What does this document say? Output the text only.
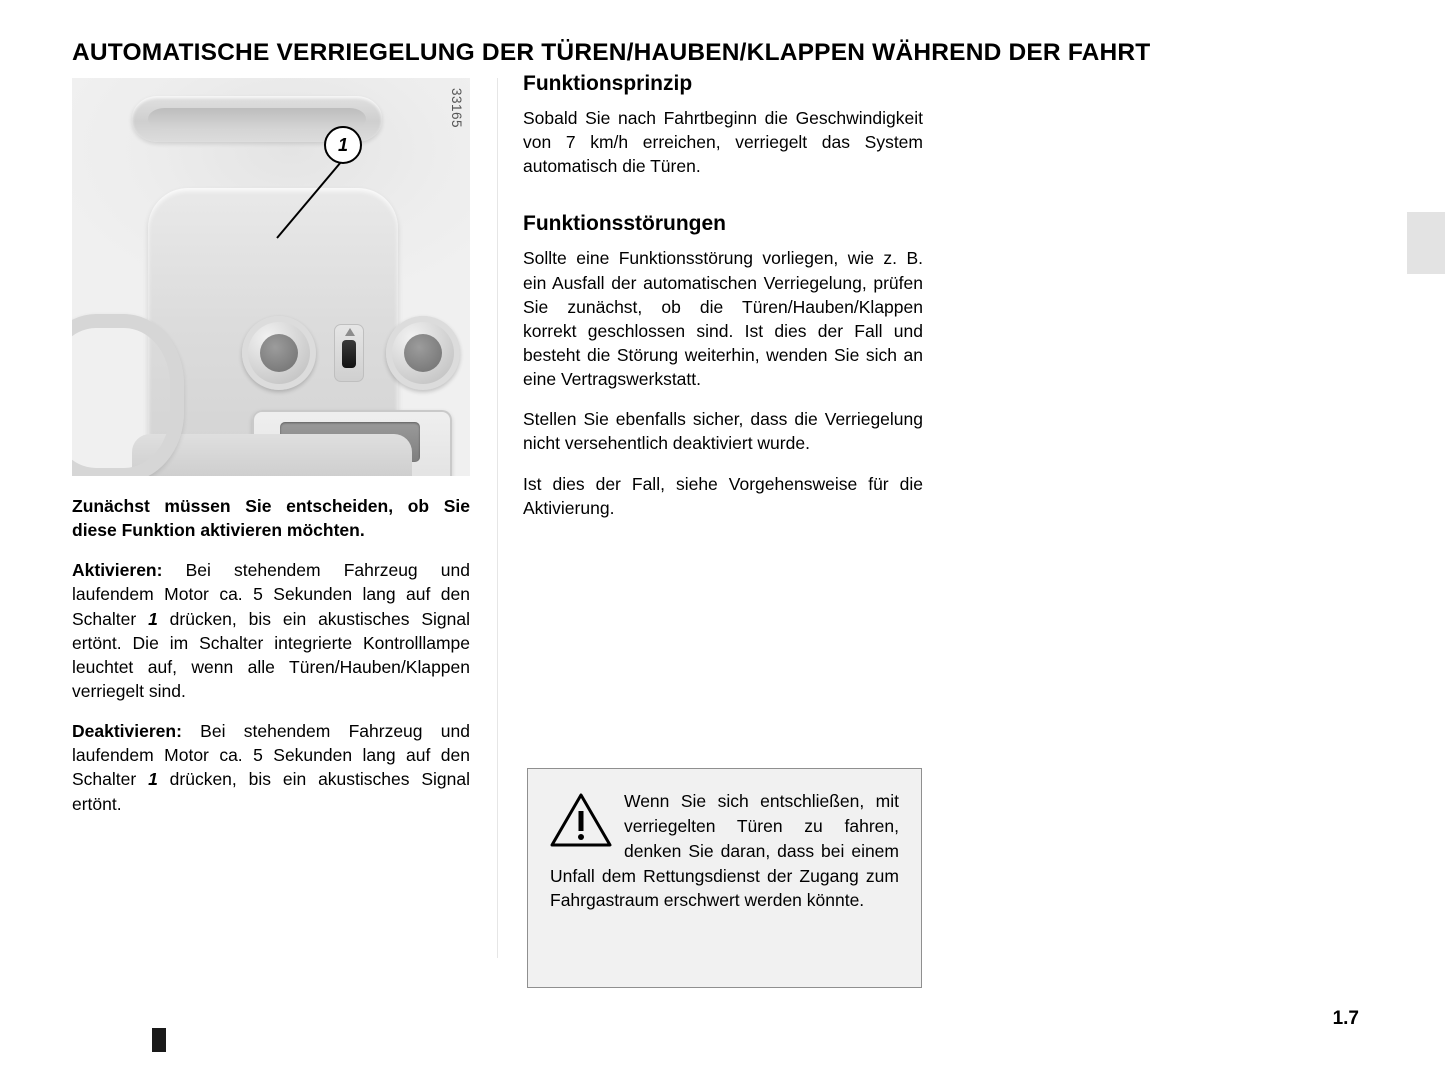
AUTOMATISCHE VERRIEGELUNG DER TÜREN/HAUBEN/KLAPPEN WÄHREND DER FAHRT
1
33165

Zunächst müssen Sie entscheiden, ob Sie diese Funktion aktivieren möchten.

Aktivieren: Bei stehendem Fahrzeug und laufendem Motor ca. 5 Sekunden lang auf den Schalter 1 drücken, bis ein akustisches Signal ertönt. Die im Schalter integrierte Kontrolllampe leuchtet auf, wenn alle Türen/Hauben/Klappen verriegelt sind.

Deaktivieren: Bei stehendem Fahrzeug und laufendem Motor ca. 5 Sekunden lang auf den Schalter 1 drücken, bis ein akustisches Signal ertönt.

Funktionsprinzip

Sobald Sie nach Fahrtbeginn die Geschwindigkeit von 7 km/h erreichen, verriegelt das System automatisch die Türen.

Funktionsstörungen

Sollte eine Funktionsstörung vorliegen, wie z. B. ein Ausfall der automatischen Verriegelung, prüfen Sie zunächst, ob die Türen/Hauben/Klappen korrekt geschlossen sind. Ist dies der Fall und besteht die Störung weiterhin, wenden Sie sich an eine Vertragswerkstatt.

Stellen Sie ebenfalls sicher, dass die Verriegelung nicht versehentlich deaktiviert wurde.

Ist dies der Fall, siehe Vorgehensweise für die Aktivierung.

Wenn Sie sich entschließen, mit verriegelten Türen zu fahren, denken Sie daran, dass bei einem Unfall dem Rettungsdienst der Zugang zum Fahrgastraum erschwert werden könnte.

1.7
